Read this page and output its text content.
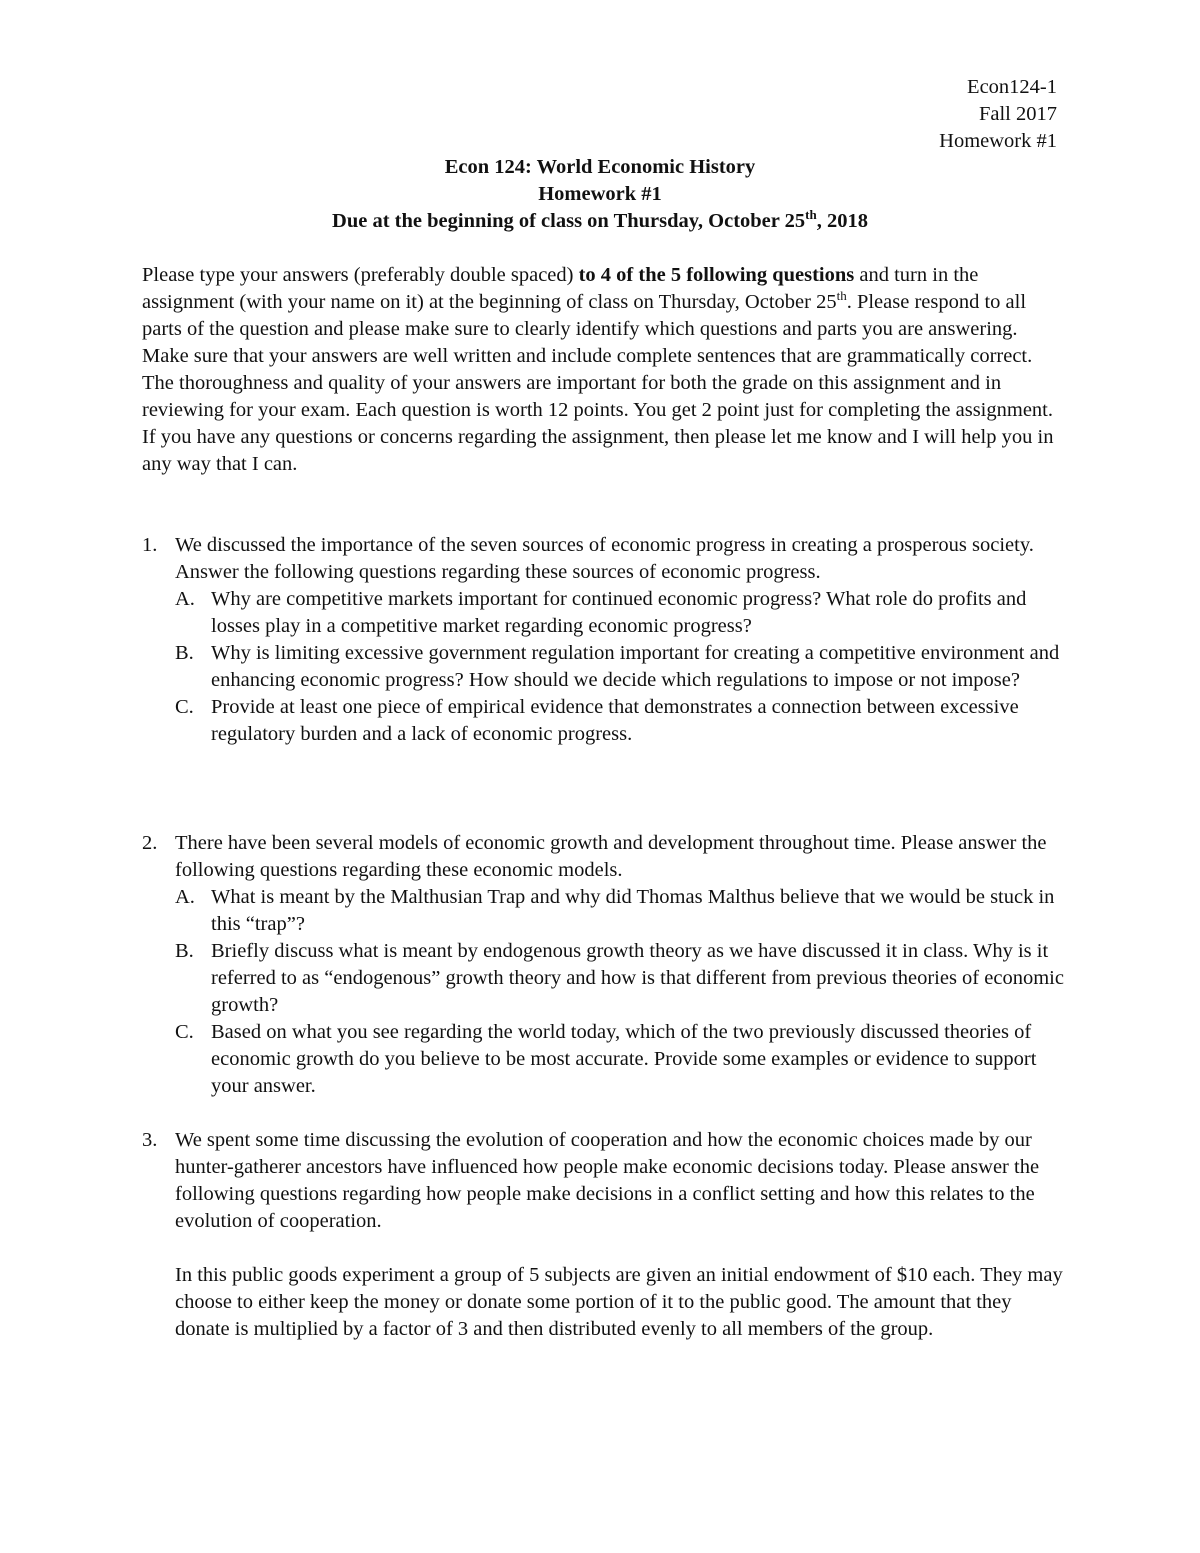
Econ124-1
Fall 2017
Homework #1
Econ 124: World Economic History
Homework #1
Due at the beginning of class on Thursday, October 25th, 2018

Please type your answers (preferably double spaced) to 4 of the 5 following questions and turn in the assignment (with your name on it) at the beginning of class on Thursday, October 25th. Please respond to all parts of the question and please make sure to clearly identify which questions and parts you are answering. Make sure that your answers are well written and include complete sentences that are grammatically correct. The thoroughness and quality of your answers are important for both the grade on this assignment and in reviewing for your exam. Each question is worth 12 points. You get 2 point just for completing the assignment. If you have any questions or concerns regarding the assignment, then please let me know and I will help you in any way that I can.

1. We discussed the importance of the seven sources of economic progress in creating a prosperous society. Answer the following questions regarding these sources of economic progress.
A. Why are competitive markets important for continued economic progress? What role do profits and losses play in a competitive market regarding economic progress?
B. Why is limiting excessive government regulation important for creating a competitive environment and enhancing economic progress? How should we decide which regulations to impose or not impose?
C. Provide at least one piece of empirical evidence that demonstrates a connection between excessive regulatory burden and a lack of economic progress.
2. There have been several models of economic growth and development throughout time. Please answer the following questions regarding these economic models.
A. What is meant by the Malthusian Trap and why did Thomas Malthus believe that we would be stuck in this “trap”?
B. Briefly discuss what is meant by endogenous growth theory as we have discussed it in class. Why is it referred to as “endogenous” growth theory and how is that different from previous theories of economic growth?
C. Based on what you see regarding the world today, which of the two previously discussed theories of economic growth do you believe to be most accurate. Provide some examples or evidence to support your answer.
3. We spent some time discussing the evolution of cooperation and how the economic choices made by our hunter-gatherer ancestors have influenced how people make economic decisions today. Please answer the following questions regarding how people make decisions in a conflict setting and how this relates to the evolution of cooperation.
In this public goods experiment a group of 5 subjects are given an initial endowment of $10 each. They may choose to either keep the money or donate some portion of it to the public good. The amount that they donate is multiplied by a factor of 3 and then distributed evenly to all members of the group.
